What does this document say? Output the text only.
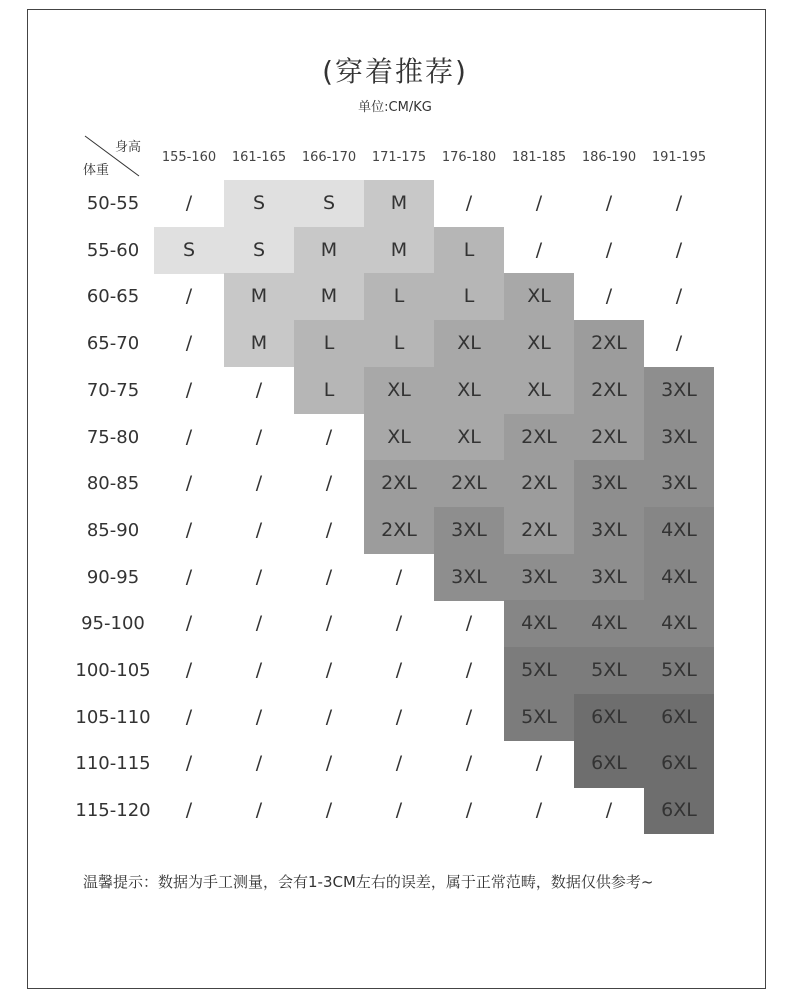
(穿着推荐)
单位:CM/KG
身高
体重
155-160	161-165	166-170	171-175	176-180	181-185	186-190	191-195
50-55	/	S	S	M	/	/	/	/
55-60	S	S	M	M	L	/	/	/
60-65	/	M	M	L	L	XL	/	/
65-70	/	M	L	L	XL	XL	2XL	/
70-75	/	/	L	XL	XL	XL	2XL	3XL
75-80	/	/	/	XL	XL	2XL	2XL	3XL
80-85	/	/	/	2XL	2XL	2XL	3XL	3XL
85-90	/	/	/	2XL	3XL	2XL	3XL	4XL
90-95	/	/	/	/	3XL	3XL	3XL	4XL
95-100	/	/	/	/	/	4XL	4XL	4XL
100-105	/	/	/	/	/	5XL	5XL	5XL
105-110	/	/	/	/	/	5XL	6XL	6XL
110-115	/	/	/	/	/	/	6XL	6XL
115-120	/	/	/	/	/	/	/	6XL
温馨提示：数据为手工测量，会有1-3CM左右的误差，属于正常范畴，数据仅供参考~
